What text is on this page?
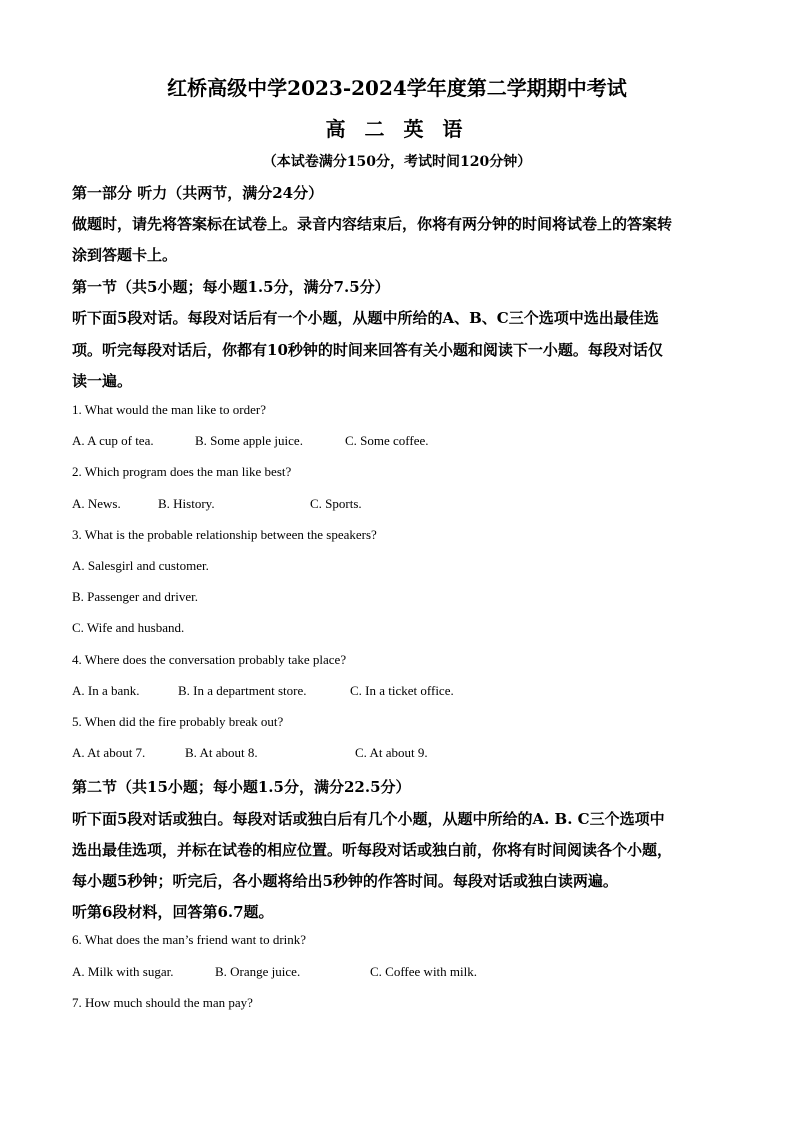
红桥高级中学2023-2024学年度第二学期期中考试
高 二 英 语
（本试卷满分150分，考试时间120分钟）
第一部分 听力（共两节，满分24分）
做题时，请先将答案标在试卷上。录音内容结束后，你将有两分钟的时间将试卷上的答案转
涂到答题卡上。
第一节（共5小题；每小题1.5分，满分7.5分）
听下面5段对话。每段对话后有一个小题，从题中所给的A、B、C三个选项中选出最佳选
项。听完每段对话后，你都有10秒钟的时间来回答有关小题和阅读下一小题。每段对话仅
读一遍。
1. What would the man like to order?
A. A cup of tea.	B. Some apple juice.	C. Some coffee.
2. Which program does the man like best?
A. News.	B. History.	C. Sports.
3. What is the probable relationship between the speakers?
A. Salesgirl and customer.
B. Passenger and driver.
C. Wife and husband.
4. Where does the conversation probably take place?
A. In a bank.	B. In a department store.	C. In a ticket office.
5. When did the fire probably break out?
A. At about 7.	B. At about 8.	C. At about 9.
第二节（共15小题；每小题1.5分，满分22.5分）
听下面5段对话或独白。每段对话或独白后有几个小题，从题中所给的A. B. C三个选项中
选出最佳选项，并标在试卷的相应位置。听每段对话或独白前，你将有时间阅读各个小题，
每小题5秒钟；听完后，各小题将给出5秒钟的作答时间。每段对话或独白读两遍。
听第6段材料，回答第6.7题。
6. What does the man’s friend want to drink?
A. Milk with sugar.	B. Orange juice.	C. Coffee with milk.
7. How much should the man pay?
